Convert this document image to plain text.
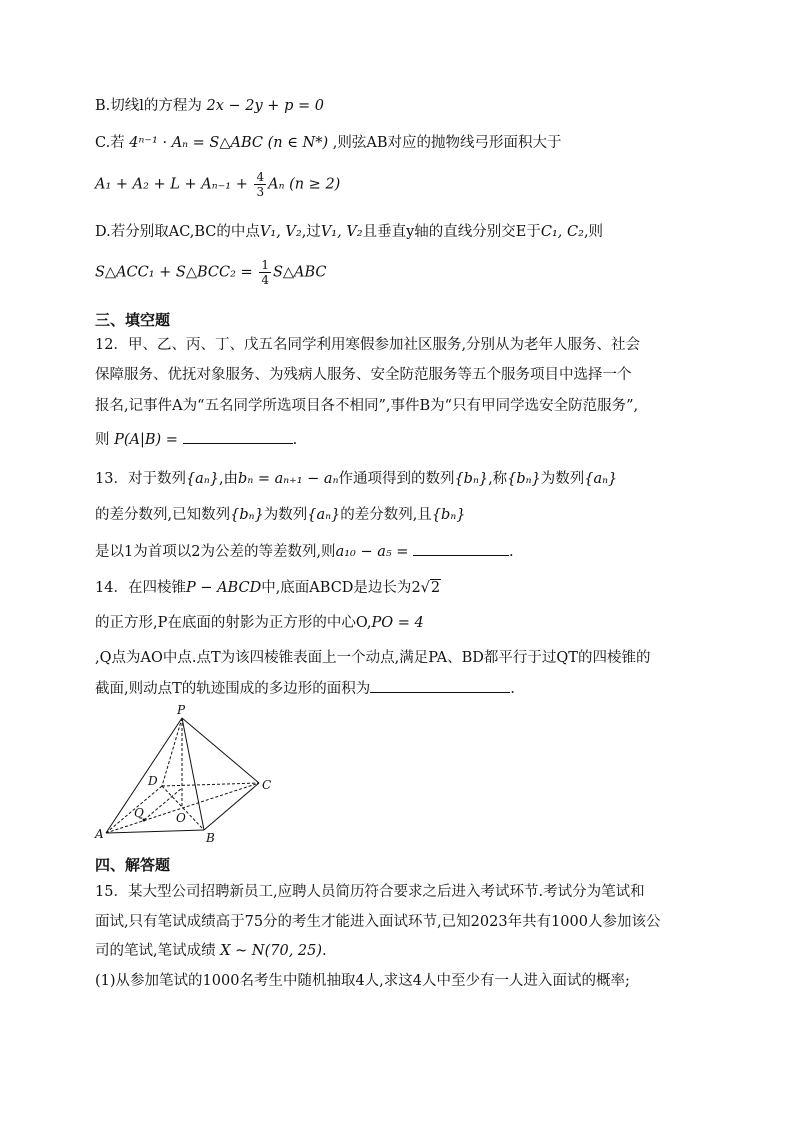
B.切线l的方程为 2x − 2y + p = 0
C.若 4ⁿ⁻¹ · Aₙ = S△ABC (n ∈ N*) ,则弦AB对应的抛物线弓形面积大于
$A_1 + A_2 + L + A_{n-1} + \frac{4}{3}$ Aₙ (n ≥ 2)
D.若分别取AC,BC的中点V₁, V₂,过V₁, V₂且垂直y轴的直线分别交E于C₁, C₂,则
S△ACC₁ + S△BCC₂ = $\frac{1}{4}$ S△ABC
三、填空题
12．甲、乙、丙、丁、戊五名同学利用寒假参加社区服务,分别从为老年人服务、社会
保障服务、优抚对象服务、为残病人服务、安全防范服务等五个服务项目中选择一个
报名,记事件A为“五名同学所选项目各不相同”,事件B为“只有甲同学选安全防范服务”,
则 P(A|B) =	.
13．对于数列{aₙ},由bₙ = aₙ₊₁ − aₙ作通项得到的数列{bₙ},称{bₙ}为数列{aₙ}
的差分数列,已知数列{bₙ}为数列{aₙ}的差分数列,且{bₙ}
是以1为首项以2为公差的等差数列,则a₁₀ − a₅ =	.
14．在四棱锥P − ABCD中,底面ABCD是边长为2√2
的正方形,P在底面的射影为正方形的中心O,PO = 4
,Q点为AO中点.点T为该四棱锥表面上一个动点,满足PA、BD都平行于过QT的四棱锥的
截面,则动点T的轨迹围成的多边形的面积为	.
P
D	C
Q	O
A	B
四、解答题
15．某大型公司招聘新员工,应聘人员简历符合要求之后进入考试环节.考试分为笔试和
面试,只有笔试成绩高于75分的考生才能进入面试环节,已知2023年共有1000人参加该公
司的笔试,笔试成绩 X ~ N(70, 25).
(1)从参加笔试的1000名考生中随机抽取4人,求这4人中至少有一人进入面试的概率;
